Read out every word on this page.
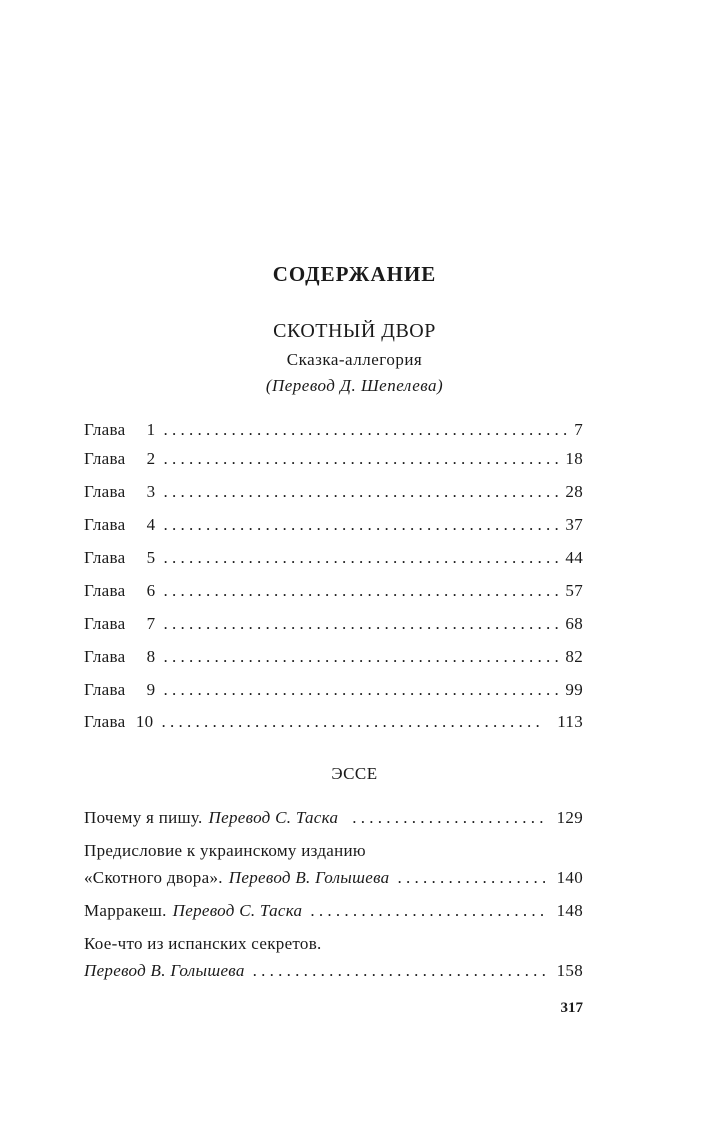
СОДЕРЖАНИЕ
СКОТНЫЙ ДВОР
Сказка-аллегория
(Перевод Д. Шепелева)
Глава	1 . . .	7
Глава	2 . . .	18
Глава	3 . . .	28
Глава	4 . . .	37
Глава	5 . . .	44
Глава	6 . . .	57
Глава	7 . . .	68
Глава	8 . . .	82
Глава	9 . . .	99
Глава 10 . . .	113
ЭССЕ
Почему я пишу. Перевод С. Таска . . .	129
Предисловие к украинскому изданию
«Скотного двора». Перевод В. Голышева . . .	140
Марракеш. Перевод С. Таска . . .	148
Кое-что из испанских секретов.
Перевод В. Голышева . . .	158
317
